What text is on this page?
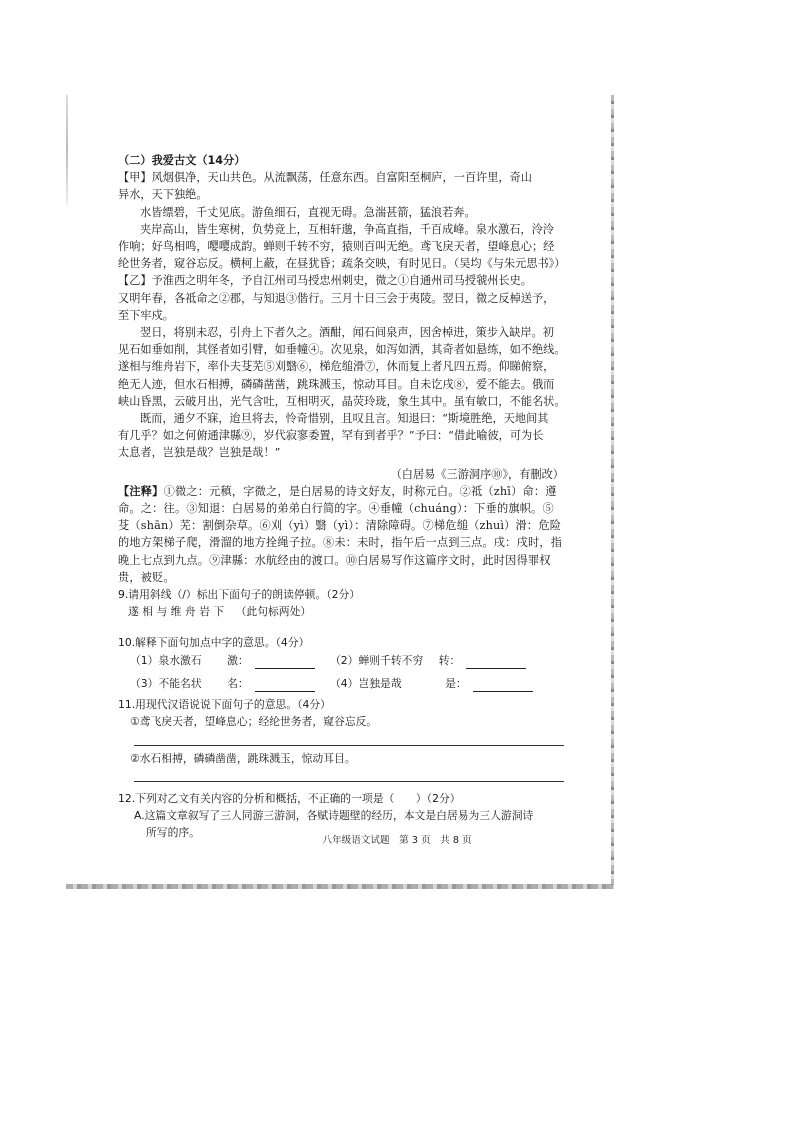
（二）我爱古文（14分）

【甲】风烟俱净，天山共色。从流飘荡，任意东西。自富阳至桐庐，一百许里，奇山

异水，天下独绝。

水皆缥碧，千丈见底。游鱼细石，直视无碍。急湍甚箭，猛浪若奔。

夹岸高山，皆生寒树，负势竞上，互相轩邈，争高直指，千百成峰。泉水激石，泠泠

作响；好鸟相鸣，嘤嘤成韵。蝉则千转不穷，猿则百叫无绝。鸢飞戾天者，望峰息心；经

纶世务者，窥谷忘反。横柯上蔽，在昼犹昏；疏条交映，有时见日。（吴均《与朱元思书》）

【乙】予淮西之明年冬，予自江州司马授忠州刺史，微之①自通州司马授虢州长史。

又明年春，各祗命之②郡，与知退③偕行。三月十日三会于夷陵。翌日，微之反棹送予，

至下牢戍。

翌日，将别未忍，引舟上下者久之。酒酣，闻石间泉声，因舍棹进，策步入缺岸。初

见石如垂如削，其怪者如引臂，如垂幢④。次见泉，如泻如洒，其奇者如悬练，如不绝线。

遂相与维舟岩下，率仆夫芟芜⑤刈翳⑥，梯危缒滑⑦，休而复上者凡四五焉。仰睇俯察，

绝无人迹，但水石相搏，磷磷凿凿，跳珠溅玉，惊动耳目。自未讫戌⑧，爱不能去。俄而

峡山昏黑，云破月出，光气含吐，互相明灭，晶荧玲珑，象生其中。虽有敏口，不能名状。

既而，通夕不寐，迨旦将去，怜奇惜别，且叹且言。知退曰：“斯境胜绝，天地间其

有几乎？如之何俯通津縣⑨，岁代寂寥委置，罕有到者乎？”予曰：“借此喻彼，可为长

太息者，岂独是哉？岂独是哉！”

（白居易《三游洞序⑩》，有删改）

【注释】①微之：元稹，字微之，是白居易的诗文好友，时称元白。②祗（zhī）命：遵命。之：往。③知退：白居易的弟弟白行简的字。④垂幢（chuáng）：下垂的旗帜。⑤芟（shān）芜：割倒杂草。⑥刈（yì）翳（yì）：清除障碍。⑦梯危缒（zhuì）滑：危险的地方架梯子爬，滑溜的地方拴绳子拉。⑧未：未时，指午后一点到三点。戌：戌时，指晚上七点到九点。⑨津縣：水航经由的渡口。⑩白居易写作这篇序文时，此时因得罪权贵，被贬。

9.请用斜线（/）标出下面句子的朗读停顿。（2分）

遂 相 与 维 舟 岩 下 （此句标两处）

10.解释下面句加点中字的意思。（4分）

（1）泉水激石 激：	（2）蝉则千转不穷 转：
（3）不能名状 名：	（4）岂独是哉	是：

11.用现代汉语说说下面句子的意思。（4分）

①鸢飞戾天者，望峰息心；经纶世务者，窥谷忘反。

②水石相搏，磷磷凿凿，跳珠溅玉，惊动耳目。

12.下列对乙文有关内容的分析和概括，不正确的一项是（　　）（2分）

A.这篇文章叙写了三人同游三游洞，各赋诗题壁的经历，本文是白居易为三人游洞诗

所写的序。

八年级语文试题　第 3 页　共 8 页
